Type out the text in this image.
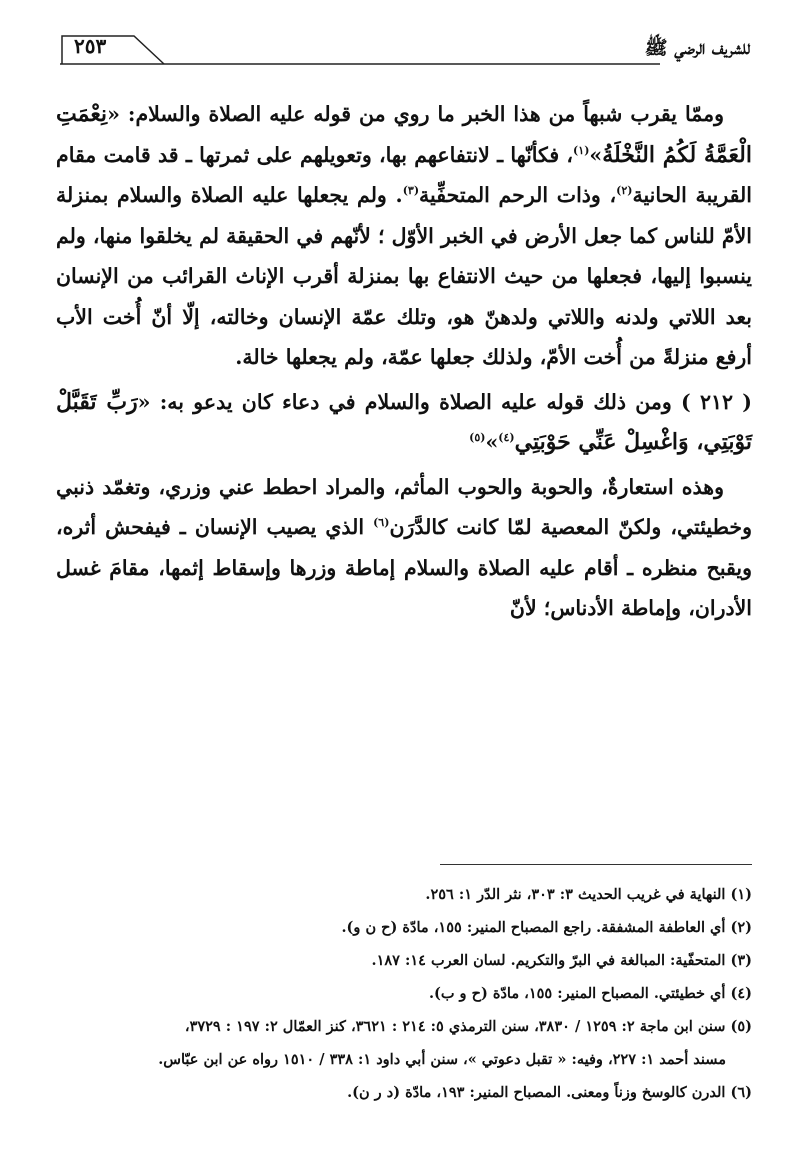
للشريف الرضي ﷺ
٢٥٣

وممّا يقرب شبهاً من هذا الخبر ما روي من قوله عليه الصلاة والسلام: «نِعْمَتِ الْعَمَّةُ لَكُمُ النَّخْلَةُ»$^{(١)}$، فكأنّها ـ لانتفاعهم بها، وتعويلهم على ثمرتها ـ قد قامت مقام القريبة الحانية$^{(٢)}$، وذات الرحم المتحفِّية$^{(٣)}$. ولم يجعلها عليه الصلاة والسلام بمنزلة الأمّ للناس كما جعل الأرض في الخبر الأوّل ؛ لأنّهم في الحقيقة لم يخلقوا منها، ولم ينسبوا إليها، فجعلها من حيث الانتفاع بها بمنزلة أقرب الإناث القرائب من الإنسان بعد اللاتي ولدنه واللاتي ولدهنّ هو، وتلك عمّة الإنسان وخالته، إلّا أنّ أُخت الأب أرفع منزلةً من أُخت الأمّ، ولذلك جعلها عمّة، ولم يجعلها خالة.

( ٢١٢ ) ومن ذلك قوله عليه الصلاة والسلام في دعاء كان يدعو به: «رَبِّ تَقَبَّلْ تَوْبَتِي، وَاغْسِلْ عَنِّي حَوْبَتِي$^{(٤)}$»$^{(٥)}$

وهذه استعارةٌ، والحوبة والحوب المأثم، والمراد احطط عني وزري، وتغمّد ذنبي وخطيئتي، ولكنّ المعصية لمّا كانت كالدَّرَن$^{(٦)}$ الذي يصيب الإنسان ـ فيفحش أثره، ويقبح منظره ـ أقام عليه الصلاة والسلام إماطة وزرها وإسقاط إثمها، مقامَ غسل الأدران، وإماطة الأدناس؛ لأنّ

(١) النهاية في غريب الحديث ٣: ٣٠٣، نثر الدّر ١: ٢٥٦.

(٢) أي العاطفة المشفقة. راجع المصباح المنير: ١٥٥، مادّة (ح ن و).

(٣) المتحفّية: المبالغة في البرّ والتكريم. لسان العرب ١٤: ١٨٧.

(٤) أي خطيئتي. المصباح المنير: ١٥٥، مادّة (ح و ب).

(٥) سنن ابن ماجة ٢: ١٢٥٩ / ٣٨٣٠، سنن الترمذي ٥: ٢١٤ : ٣٦٢١، كنز العمّال ٢: ١٩٧ : ٣٧٢٩،

مسند أحمد ١: ٢٢٧، وفيه: « تقبل دعوتي »، سنن أبي داود ١: ٣٣٨ / ١٥١٠ رواه عن ابن عبّاس.

(٦) الدرن كالوسخ وزناً ومعنى. المصباح المنير: ١٩٣، مادّة (د ر ن).
